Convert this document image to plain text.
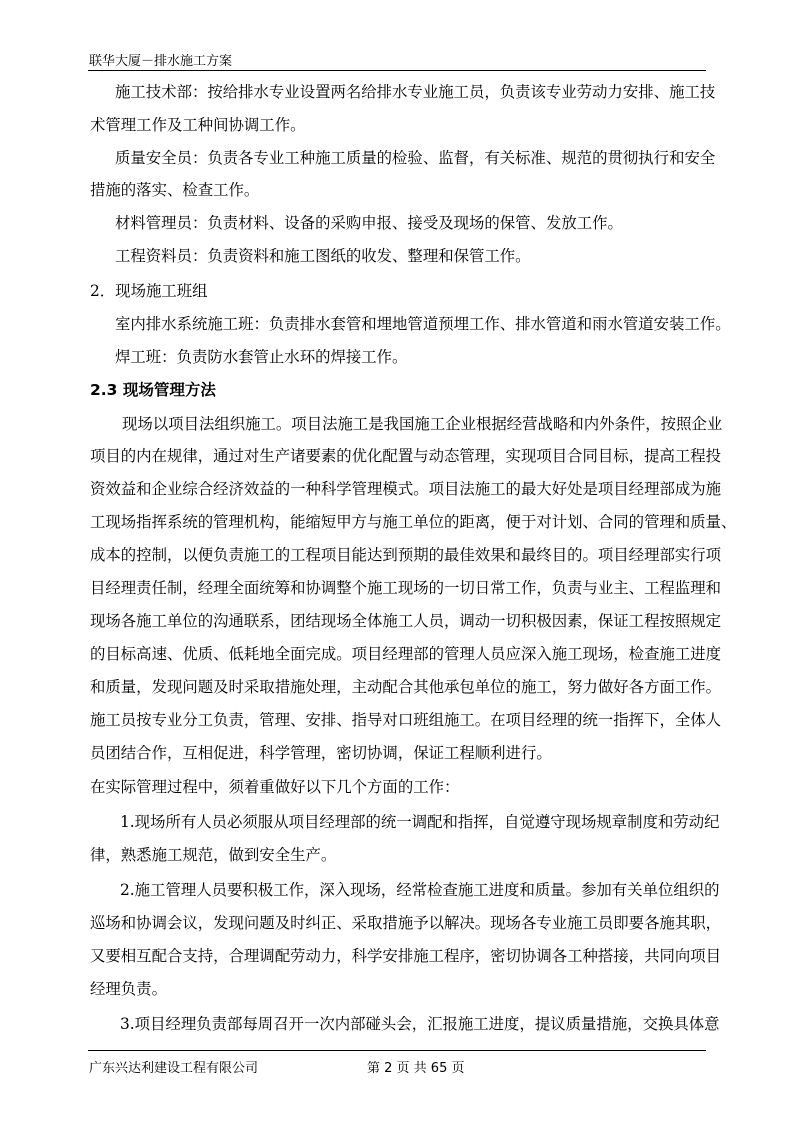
联华大厦－排水施工方案
施工技术部：按给排水专业设置两名给排水专业施工员，负责该专业劳动力安排、施工技
术管理工作及工种间协调工作。
质量安全员：负责各专业工种施工质量的检验、监督，有关标准、规范的贯彻执行和安全
措施的落实、检查工作。
材料管理员：负责材料、设备的采购申报、接受及现场的保管、发放工作。
工程资料员：负责资料和施工图纸的收发、整理和保管工作。
2．现场施工班组
室内排水系统施工班：负责排水套管和埋地管道预埋工作、排水管道和雨水管道安装工作。
焊工班：负责防水套管止水环的焊接工作。
2.3 现场管理方法
现场以项目法组织施工。项目法施工是我国施工企业根据经营战略和内外条件，按照企业
项目的内在规律，通过对生产诸要素的优化配置与动态管理，实现项目合同目标，提高工程投
资效益和企业综合经济效益的一种科学管理模式。项目法施工的最大好处是项目经理部成为施
工现场指挥系统的管理机构，能缩短甲方与施工单位的距离，便于对计划、合同的管理和质量、
成本的控制，以便负责施工的工程项目能达到预期的最佳效果和最终目的。项目经理部实行项
目经理责任制，经理全面统筹和协调整个施工现场的一切日常工作，负责与业主、工程监理和
现场各施工单位的沟通联系，团结现场全体施工人员，调动一切积极因素，保证工程按照规定
的目标高速、优质、低耗地全面完成。项目经理部的管理人员应深入施工现场，检查施工进度
和质量，发现问题及时采取措施处理，主动配合其他承包单位的施工，努力做好各方面工作。
施工员按专业分工负责，管理、安排、指导对口班组施工。在项目经理的统一指挥下，全体人
员团结合作，互相促进，科学管理，密切协调，保证工程顺利进行。
在实际管理过程中，须着重做好以下几个方面的工作：
1.现场所有人员必须服从项目经理部的统一调配和指挥，自觉遵守现场规章制度和劳动纪
律，熟悉施工规范，做到安全生产。
2.施工管理人员要积极工作，深入现场，经常检查施工进度和质量。参加有关单位组织的
巡场和协调会议，发现问题及时纠正、采取措施予以解决。现场各专业施工员即要各施其职，
又要相互配合支持，合理调配劳动力，科学安排施工程序，密切协调各工种搭接，共同向项目
经理负责。
3.项目经理负责部每周召开一次内部碰头会，汇报施工进度，提议质量措施，交换具体意
广东兴达利建设工程有限公司	第 2 页 共 65 页
